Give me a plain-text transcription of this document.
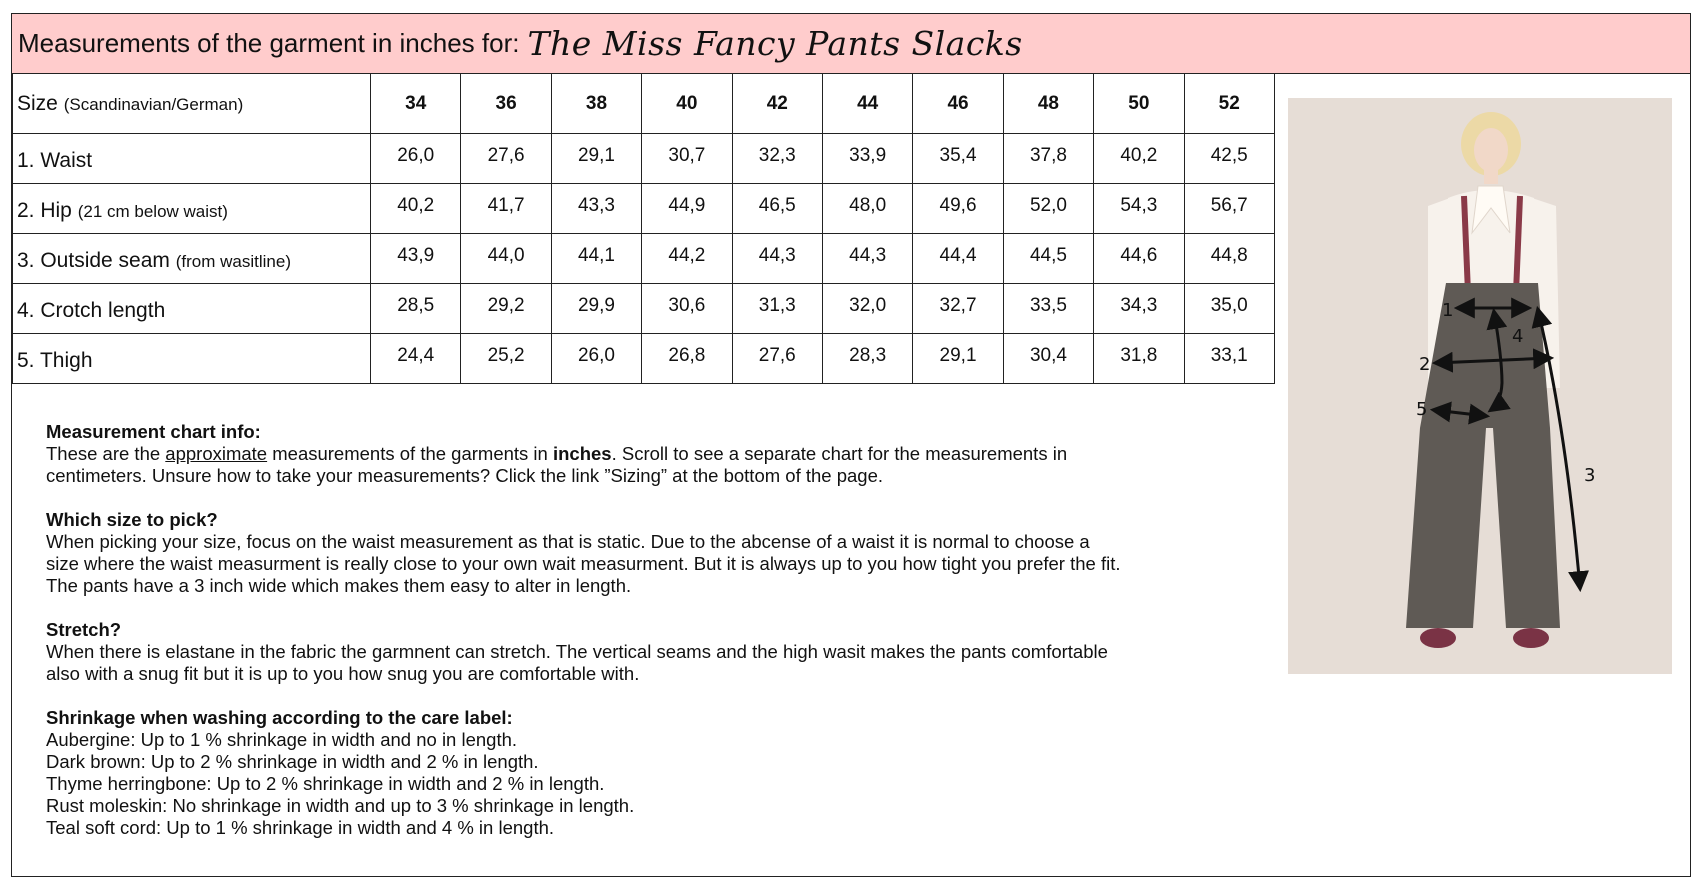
Measurements of the garment in inches for: The Miss Fancy Pants Slacks
Size (Scandinavian/German)	34	36	38	40	42	44	46	48	50	52
1. Waist	26,0	27,6	29,1	30,7	32,3	33,9	35,4	37,8	40,2	42,5
2. Hip (21 cm below waist)	40,2	41,7	43,3	44,9	46,5	48,0	49,6	52,0	54,3	56,7
3. Outside seam (from wasitline)	43,9	44,0	44,1	44,2	44,3	44,3	44,4	44,5	44,6	44,8
4. Crotch length	28,5	29,2	29,9	30,6	31,3	32,0	32,7	33,5	34,3	35,0
5. Thigh	24,4	25,2	26,0	26,8	27,6	28,3	29,1	30,4	31,8	33,1
Measurement chart info:
These are the approximate measurements of the garments in inches. Scroll to see a separate chart for the measurements in
centimeters. Unsure how to take your measurements? Click the link ”Sizing” at the bottom of the page.
Which size to pick?
When picking your size, focus on the waist measurement as that is static. Due to the abcense of a waist it is normal to choose a
size where the waist measurment is really close to your own wait measurment. But it is always up to you how tight you prefer the fit.
The pants have a 3 inch wide which makes them easy to alter in length.
Stretch?
When there is elastane in the fabric the garmnent can stretch. The vertical seams and the high wasit makes the pants comfortable
also with a snug fit but it is up to you how snug you are comfortable with.
Shrinkage when washing according to the care label:
Aubergine: Up to 1 % shrinkage in width and no in length.
Dark brown: Up to 2 % shrinkage in width and 2 % in length.
Thyme herringbone: Up to 2 % shrinkage in width and 2 % in length.
Rust moleskin: No shrinkage in width and up to 3 % shrinkage in length.
Teal soft cord: Up to 1 % shrinkage in width and 4 % in length.
1
2
3
4
5
